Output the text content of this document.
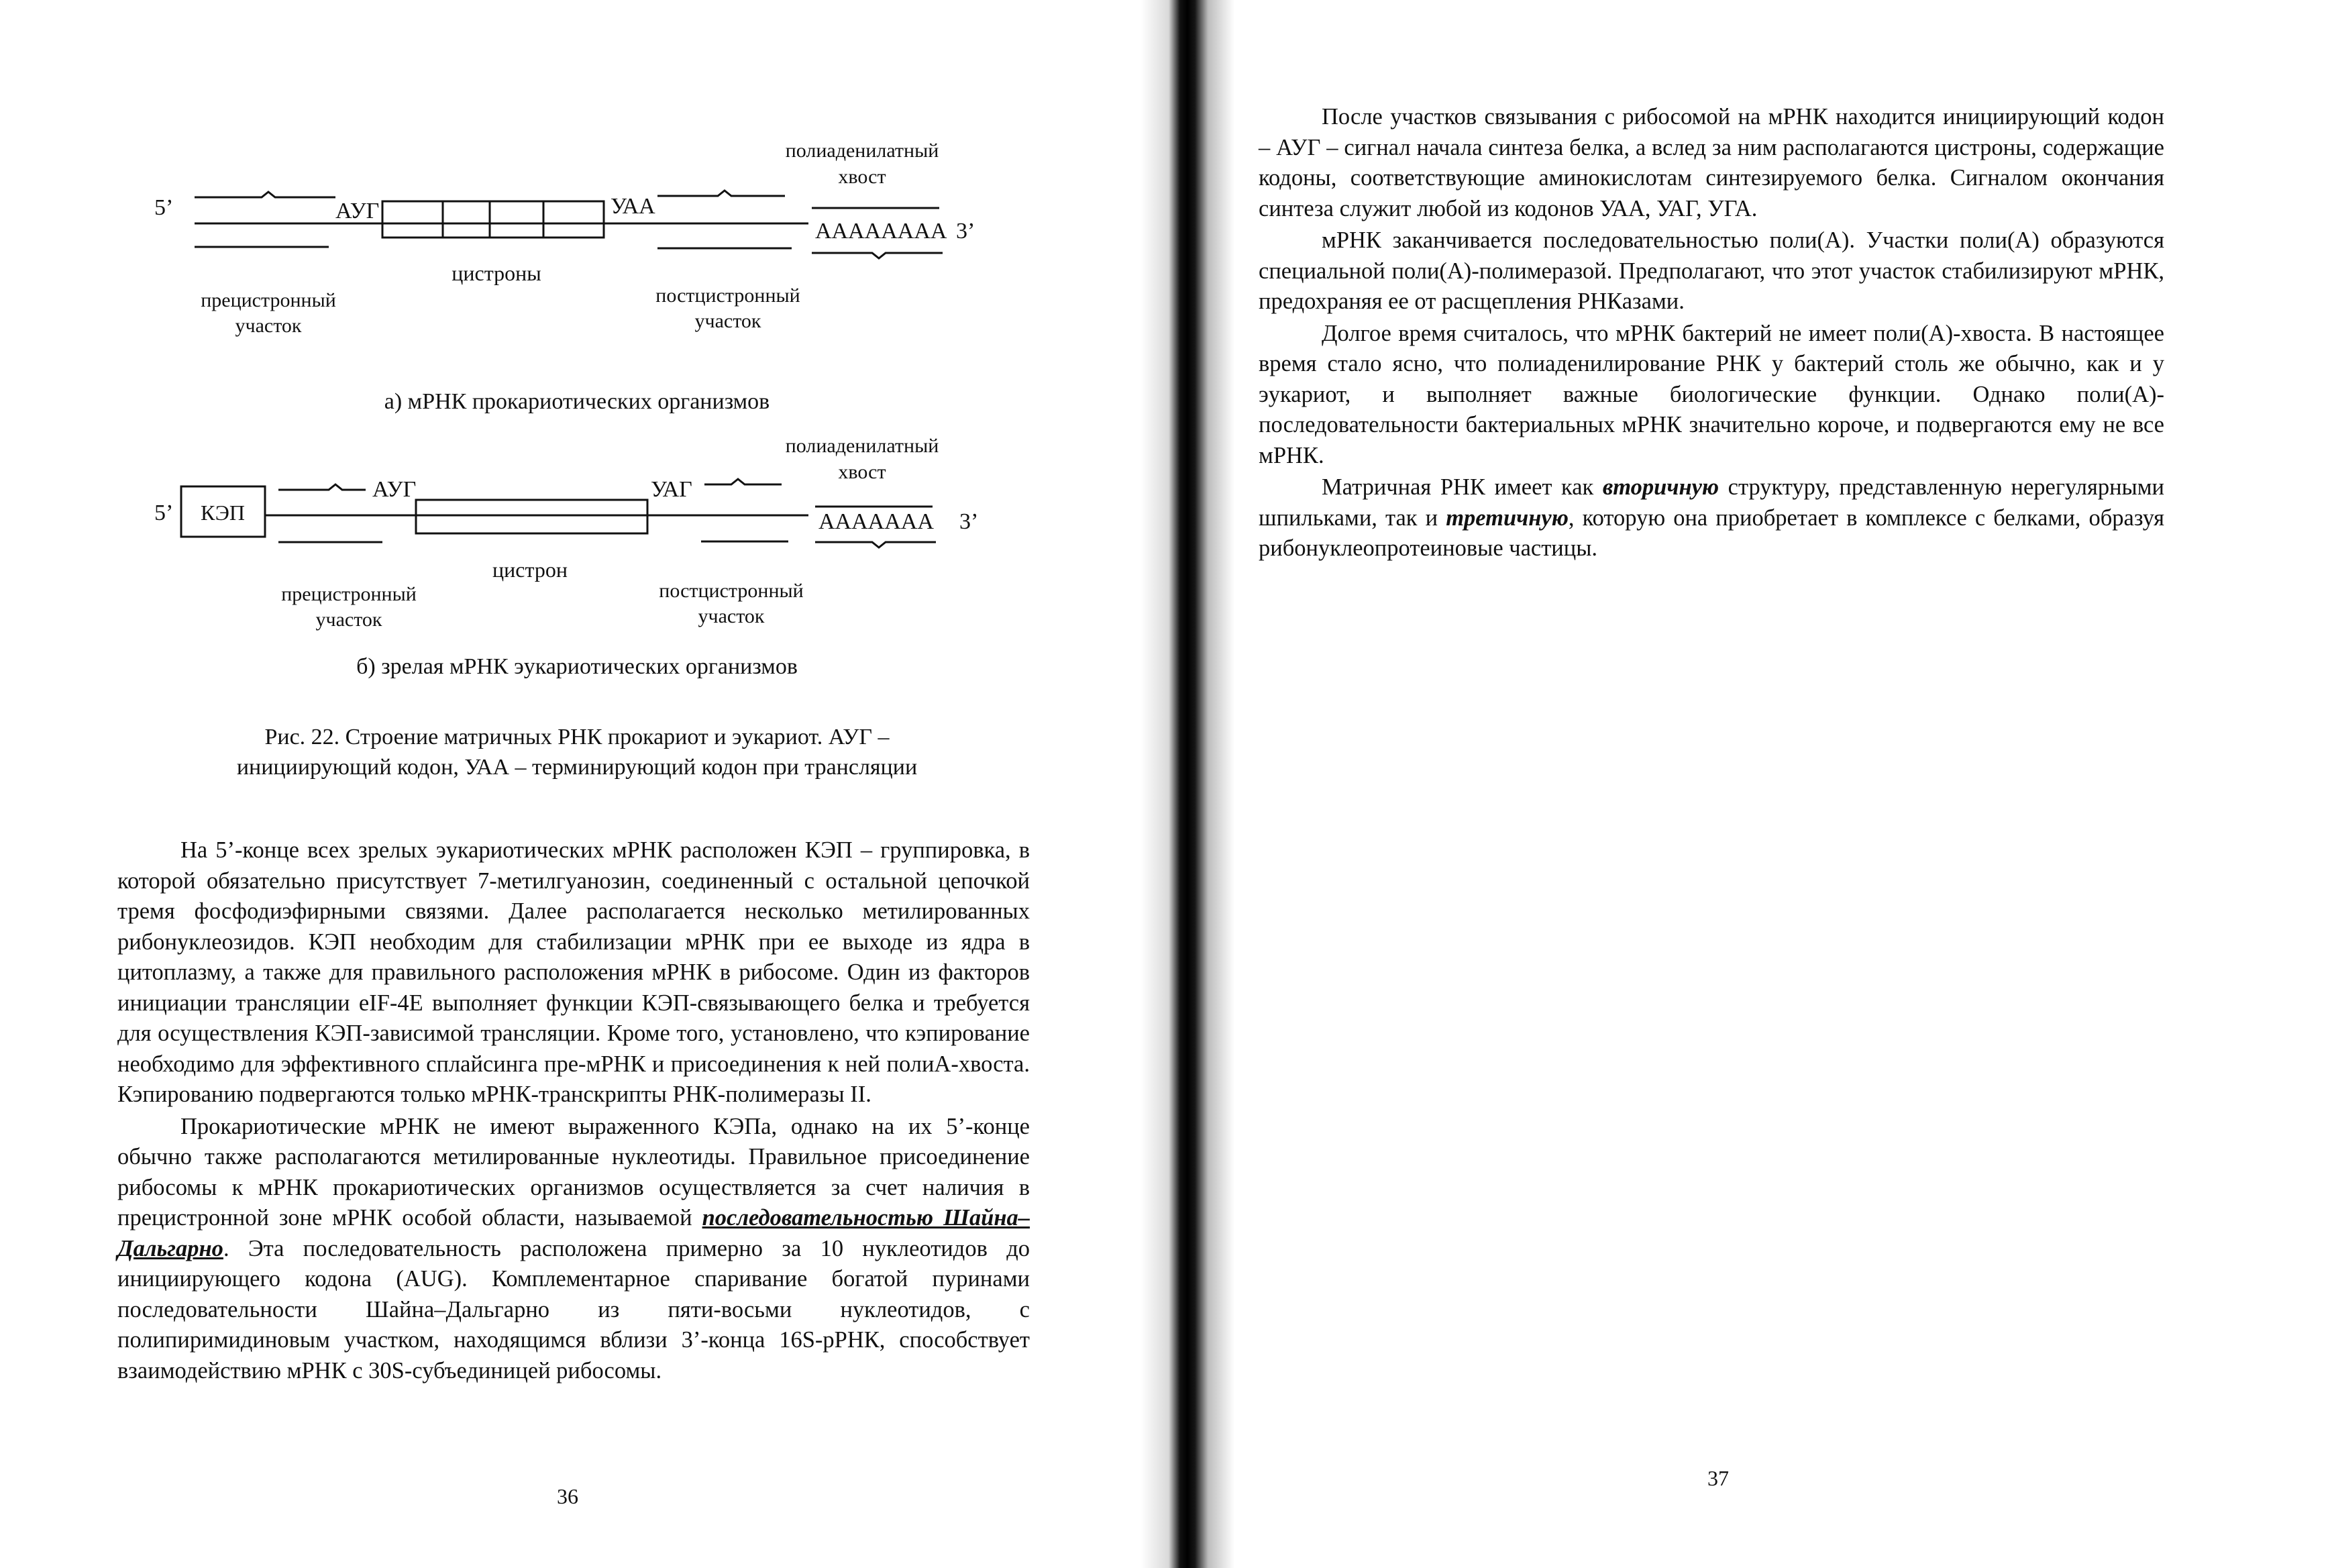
5’	АУГ	УАА
полиаденилатный
хвост
АААААААА 3’
цистроны
прецистронный
участок
постцистронный
участок
а) мРНК прокариотических организмов
5’ КЭП
АУГ	УАГ
полиаденилатный
хвост
ААААААА 3’
цистрон
прецистронный
участок
постцистронный
участок
б) зрелая мРНК эукариотических организмов
Рис. 22. Строение матричных РНК прокариот и эукариот. АУГ –
инициирующий кодон, УАА – терминирующий кодон при трансляции

На 5’-конце всех зрелых эукариотических мРНК расположен КЭП – группировка, в которой обязательно присутствует 7-метилгуанозин, соединенный с остальной цепочкой тремя фосфодиэфирными связями. Далее располагается несколько метилированных рибонуклеозидов. КЭП необходим для стабилизации мРНК при ее выходе из ядра в цитоплазму, а также для правильного расположения мРНК в рибосоме. Один из факторов инициации трансляции eIF-4E выполняет функции КЭП-связывающего белка и требуется для осуществления КЭП-зависимой трансляции. Кроме того, установлено, что кэпирование необходимо для эффективного сплайсинга пре-мРНК и присоединения к ней полиА-хвоста. Кэпированию подвергаются только мРНК-транскрипты РНК-полимеразы II.

Прокариотические мРНК не имеют выраженного КЭПа, однако на их 5’-конце обычно также располагаются метилированные нуклеотиды. Правильное присоединение рибосомы к мРНК прокариотических организмов осуществляется за счет наличия в прецистронной зоне мРНК особой области, называемой последовательностью Шайна–Дальгарно. Эта последовательность расположена примерно за 10 нуклеотидов до инициирующего кодона (AUG). Комплементарное спаривание богатой пуринами последовательности Шайна–Дальгарно из пяти-восьми нуклеотидов, с полипиримидиновым участком, находящимся вблизи 3’-конца 16S-рРНК, способствует взаимодействию мРНК с 30S-субъединицей рибосомы.

36

После участков связывания с рибосомой на мРНК находится инициирующий кодон – АУГ – сигнал начала синтеза белка, а вслед за ним располагаются цистроны, содержащие кодоны, соответствующие аминокислотам синтезируемого белка. Сигналом окончания синтеза служит любой из кодонов УАА, УАГ, УГА.

мРНК заканчивается последовательностью поли(А). Участки поли(А) образуются специальной поли(А)-полимеразой. Предполагают, что этот участок стабилизируют мРНК, предохраняя ее от расщепления РНКазами.

Долгое время считалось, что мРНК бактерий не имеет поли(А)-хвоста. В настоящее время стало ясно, что полиаденилирование РНК у бактерий столь же обычно, как и у эукариот, и выполняет важные биологические функции. Однако поли(А)-последовательности бактериальных мРНК значительно короче, и подвергаются ему не все мРНК.

Матричная РНК имеет как вторичную структуру, представленную нерегулярными шпильками, так и третичную, которую она приобретает в комплексе с белками, образуя рибонуклеопротеиновые частицы.

37
